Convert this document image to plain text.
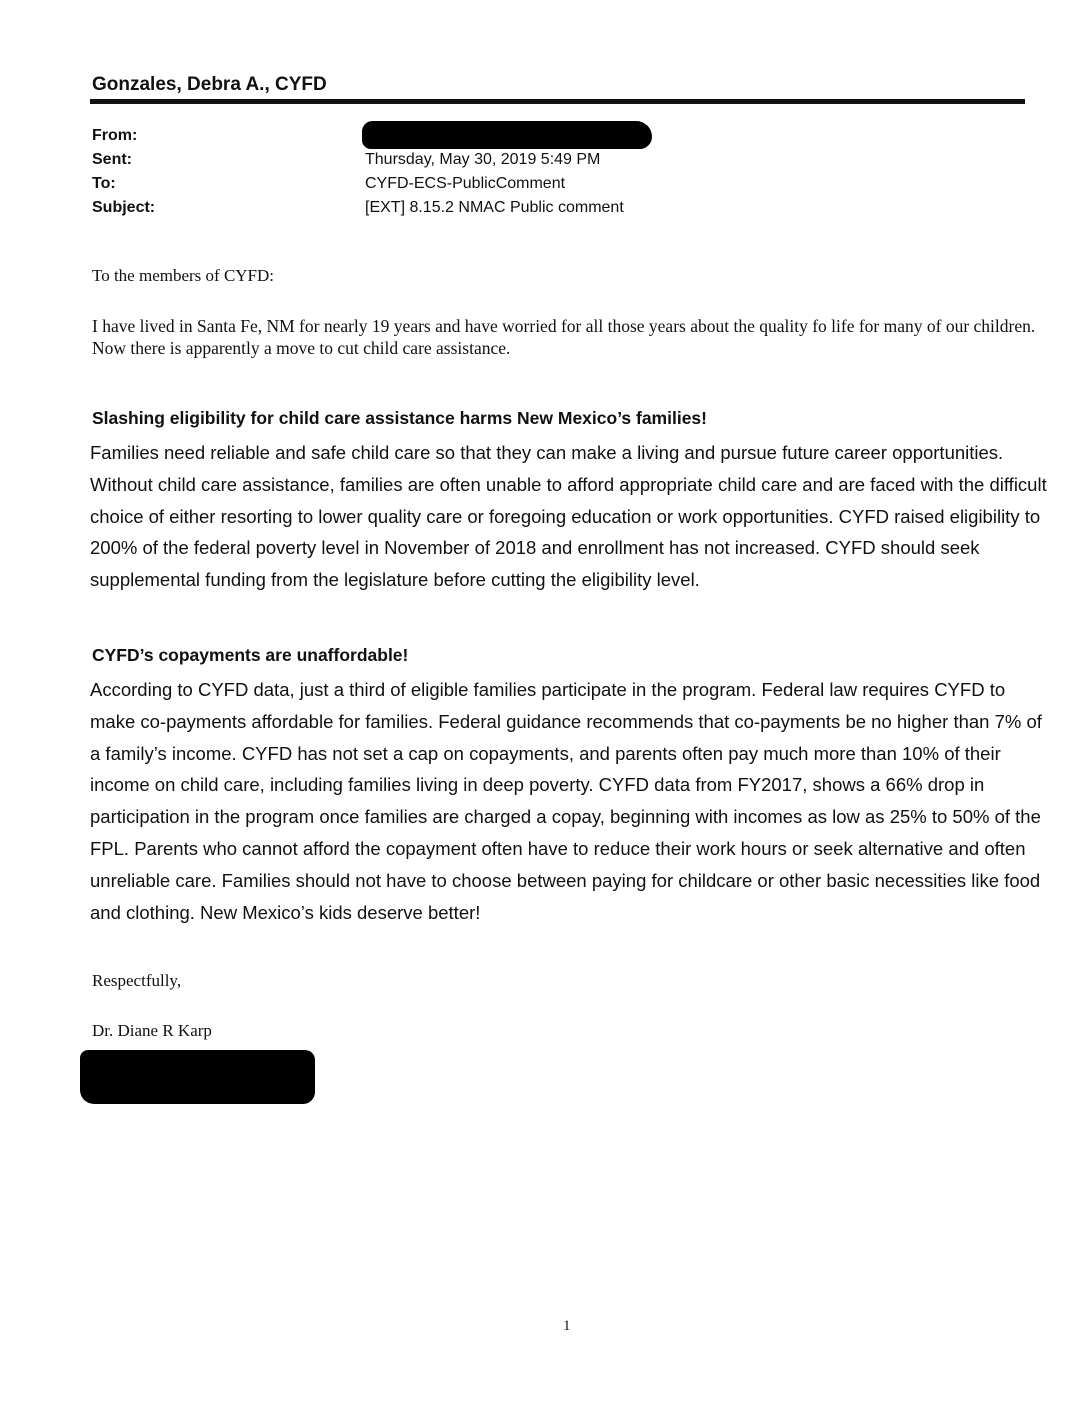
Gonzales, Debra A., CYFD
From:
Sent:	Thursday, May 30, 2019 5:49 PM
To:	CYFD-ECS-PublicComment
Subject:	[EXT] 8.15.2 NMAC Public comment
To the members of CYFD:
I have lived in Santa Fe, NM for nearly 19 years and have worried for all those years about the quality fo life for many of our children. Now there is apparently a move to cut child care assistance.
Slashing eligibility for child care assistance harms New Mexico’s families!
Families need reliable and safe child care so that they can make a living and pursue future career opportunities. Without child care assistance, families are often unable to afford appropriate child care and are faced with the difficult choice of either resorting to lower quality care or foregoing education or work opportunities. CYFD raised eligibility to 200% of the federal poverty level in November of 2018 and enrollment has not increased. CYFD should seek supplemental funding from the legislature before cutting the eligibility level.
CYFD’s copayments are unaffordable!
According to CYFD data, just a third of eligible families participate in the program. Federal law requires CYFD to make co-payments affordable for families. Federal guidance recommends that co-payments be no higher than 7% of a family’s income. CYFD has not set a cap on copayments, and parents often pay much more than 10% of their income on child care, including families living in deep poverty. CYFD data from FY2017, shows a 66% drop in participation in the program once families are charged a copay, beginning with incomes as low as 25% to 50% of the FPL. Parents who cannot afford the copayment often have to reduce their work hours or seek alternative and often unreliable care. Families should not have to choose between paying for childcare or other basic necessities like food and clothing. New Mexico’s kids deserve better!
Respectfully,
Dr. Diane R Karp
1
